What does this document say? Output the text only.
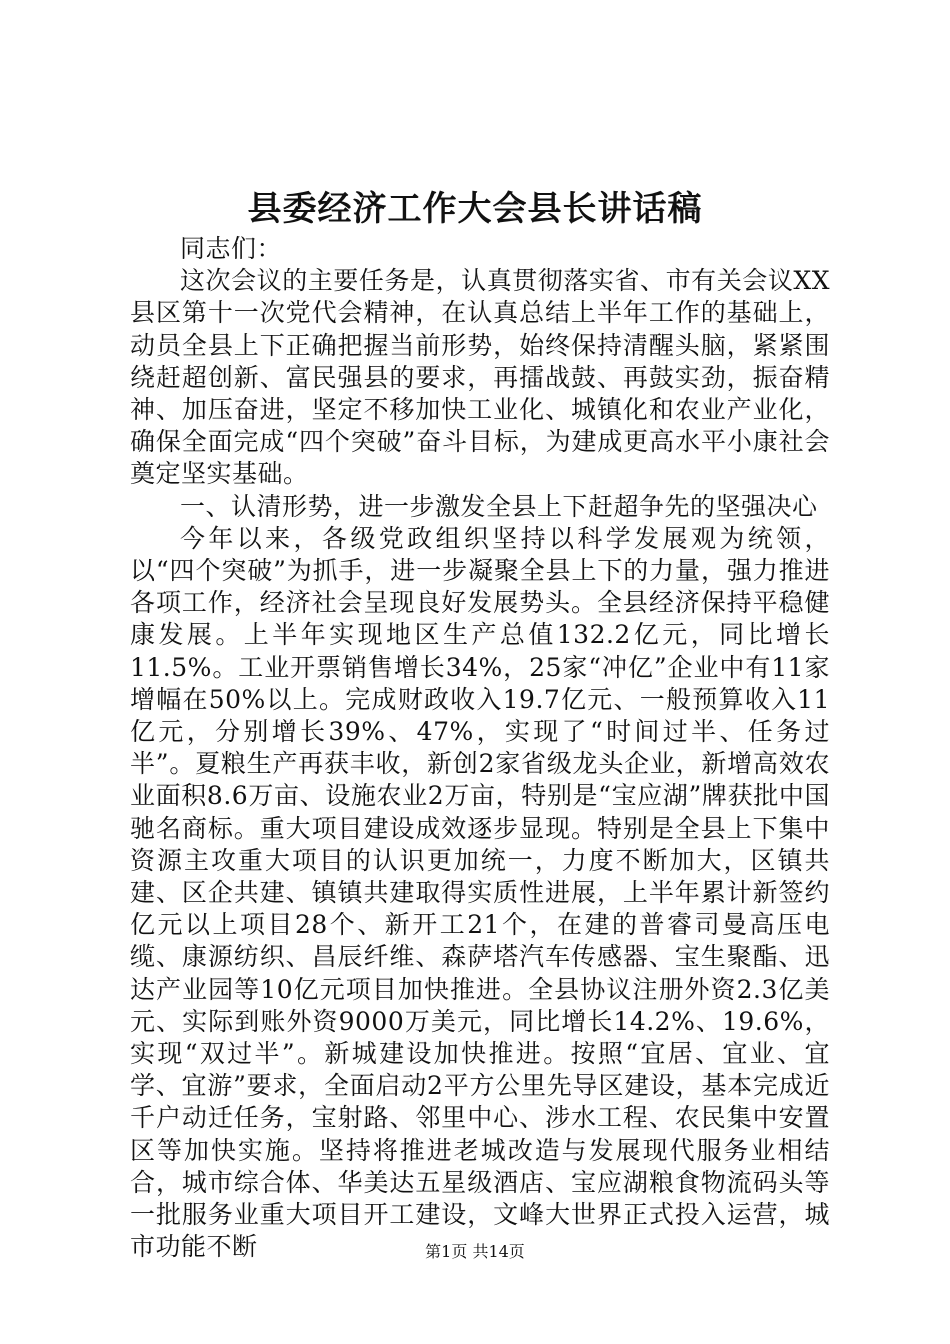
县委经济工作大会县长讲话稿

同志们：

这次会议的主要任务是，认真贯彻落实省、市有关会议XX县区第十一次党代会精神，在认真总结上半年工作的基础上，动员全县上下正确把握当前形势，始终保持清醒头脑，紧紧围绕赶超创新、富民强县的要求，再擂战鼓、再鼓实劲，振奋精神、加压奋进，坚定不移加快工业化、城镇化和农业产业化，确保全面完成“四个突破”奋斗目标，为建成更高水平小康社会奠定坚实基础。

一、认清形势，进一步激发全县上下赶超争先的坚强决心

今年以来，各级党政组织坚持以科学发展观为统领，以“四个突破”为抓手，进一步凝聚全县上下的力量，强力推进各项工作，经济社会呈现良好发展势头。全县经济保持平稳健康发展。上半年实现地区生产总值132.2亿元，同比增长11.5%。工业开票销售增长34%，25家“冲亿”企业中有11家增幅在50%以上。完成财政收入19.7亿元、一般预算收入11亿元，分别增长39%、47%，实现了“时间过半、任务过半”。夏粮生产再获丰收，新创2家省级龙头企业，新增高效农业面积8.6万亩、设施农业2万亩，特别是“宝应湖”牌获批中国驰名商标。重大项目建设成效逐步显现。特别是全县上下集中资源主攻重大项目的认识更加统一，力度不断加大，区镇共建、区企共建、镇镇共建取得实质性进展，上半年累计新签约亿元以上项目28个、新开工21个，在建的普睿司曼高压电缆、康源纺织、昌辰纤维、森萨塔汽车传感器、宝生聚酯、迅达产业园等10亿元项目加快推进。全县协议注册外资2.3亿美元、实际到账外资9000万美元，同比增长14.2%、19.6%，实现“双过半”。新城建设加快推进。按照“宜居、宜业、宜学、宜游”要求，全面启动2平方公里先导区建设，基本完成近千户动迁任务，宝射路、邻里中心、涉水工程、农民集中安置区等加快实施。坚持将推进老城改造与发展现代服务业相结合，城市综合体、华美达五星级酒店、宝应湖粮食物流码头等一批服务业重大项目开工建设，文峰大世界正式投入运营，城市功能不断	第1页 共14页
